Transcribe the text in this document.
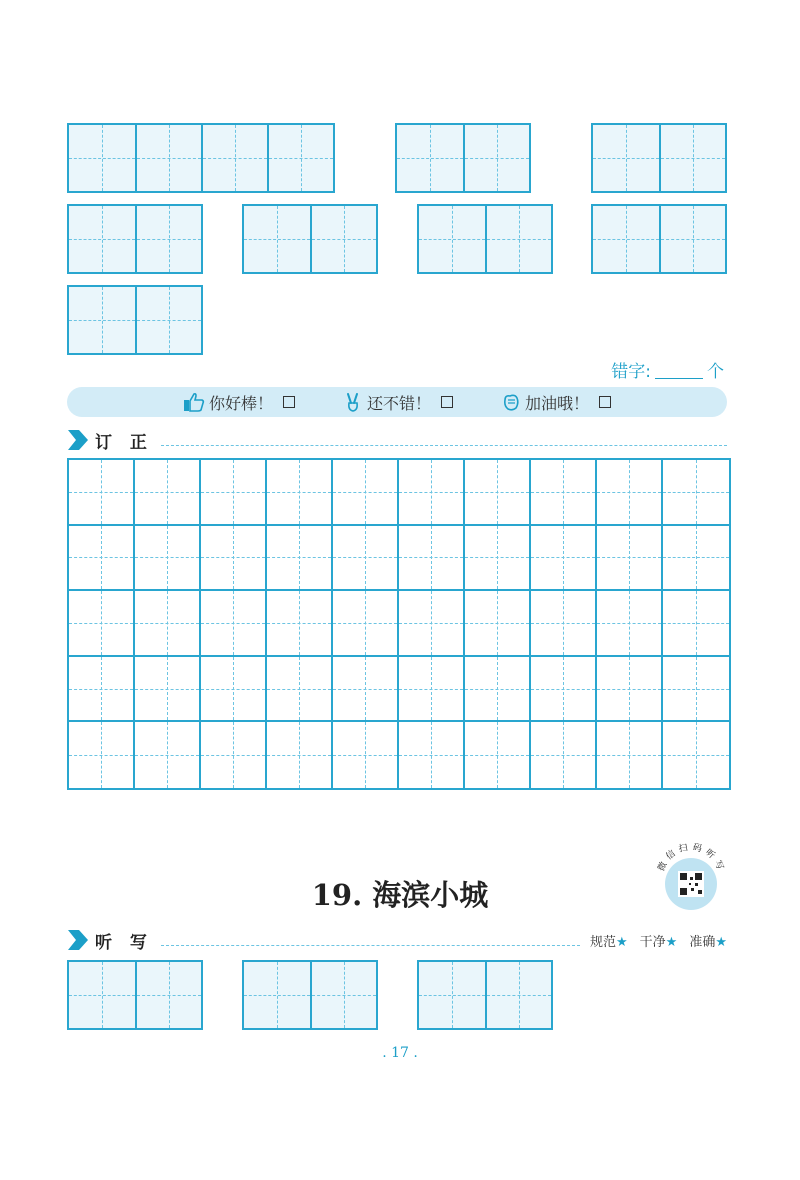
错字:	个
你好棒！	还不错！	加油哦！
订 正
19. 海滨小城
微信扫码听写
听 写	规范★ 干净★ 准确★
. 17 .
